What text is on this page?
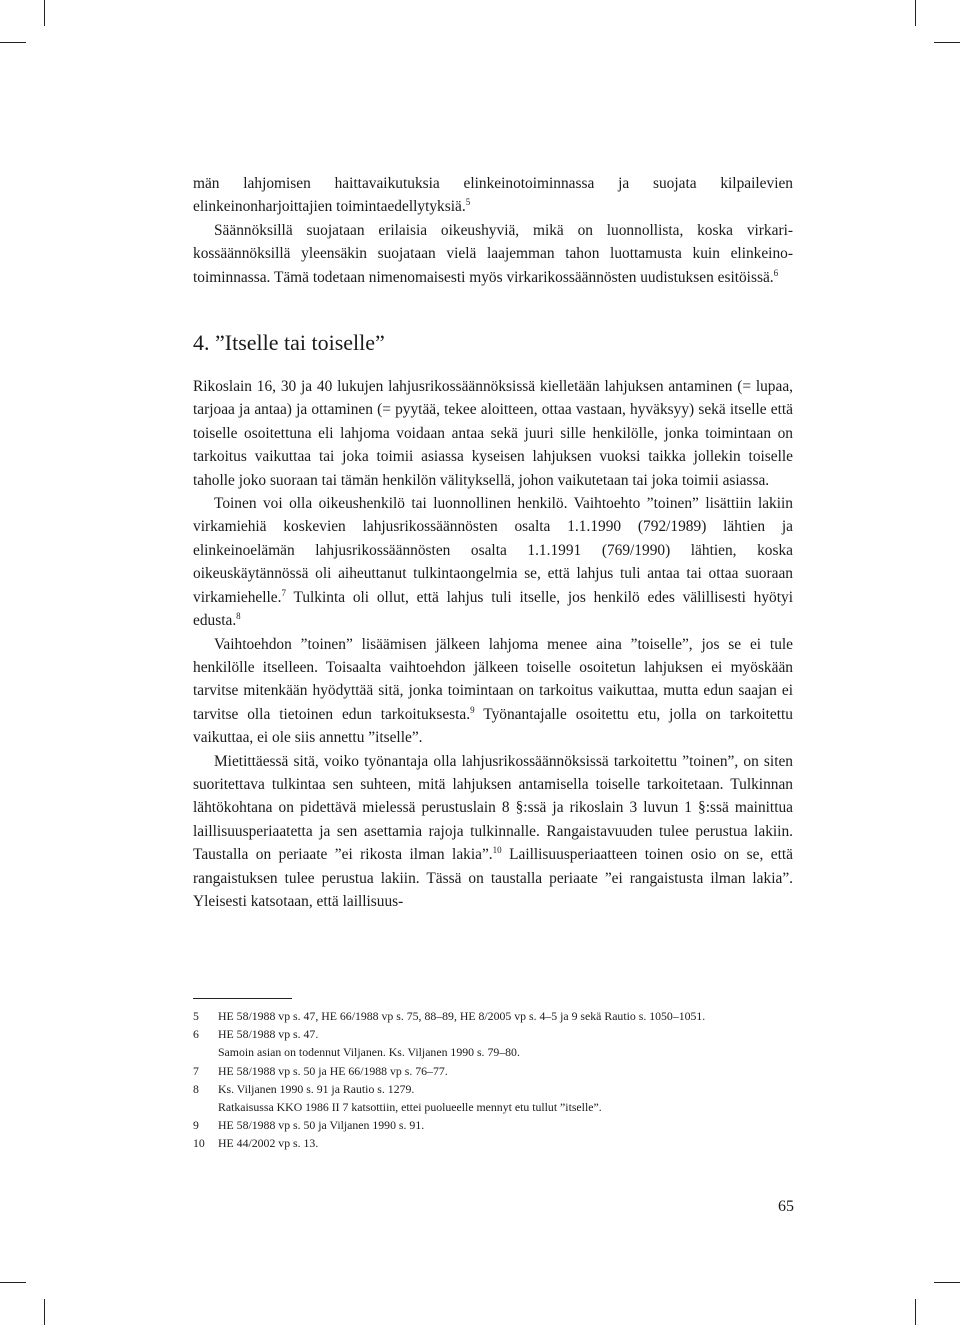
män lahjomisen haittavaikutuksia elinkeinotoiminnassa ja suojata kilpailevien elinkeinonharjoittajien toimintaedellytyksiä.$^5$

Säännöksillä suojataan erilaisia oikeushyviä, mikä on luonnollista, koska virkarikossäännöksillä yleensäkin suojataan vielä laajemman tahon luottamusta kuin elinkeinotoiminnassa. Tämä todetaan nimenomaisesti myös virkarikossäännösten uudistuksen esitöissä.$^6$

4. ”Itselle tai toiselle”

Rikoslain 16, 30 ja 40 lukujen lahjusrikossäännöksissä kielletään lahjuksen antaminen (= lupaa, tarjoaa ja antaa) ja ottaminen (= pyytää, tekee aloitteen, ottaa vastaan, hyväksyy) sekä itselle että toiselle osoitettuna eli lahjoma voidaan antaa sekä juuri sille henkilölle, jonka toimintaan on tarkoitus vaikuttaa tai joka toimii asiassa kyseisen lahjuksen vuoksi taikka jollekin toiselle taholle joko suoraan tai tämän henkilön välityksellä, johon vaikutetaan tai joka toimii asiassa.

Toinen voi olla oikeushenkilö tai luonnollinen henkilö. Vaihtoehto ”toinen” lisättiin lakiin virkamiehiä koskevien lahjusrikossäännösten osalta 1.1.1990 (792/1989) lähtien ja elinkeinoelämän lahjusrikossäännösten osalta 1.1.1991 (769/1990) lähtien, koska oikeuskäytännössä oli aiheuttanut tulkintaongelmia se, että lahjus tuli antaa tai ottaa suoraan virkamiehelle.$^7$ Tulkinta oli ollut, että lahjus tuli itselle, jos henkilö edes välillisesti hyötyi edusta.$^8$

Vaihtoehdon ”toinen” lisäämisen jälkeen lahjoma menee aina ”toiselle”, jos se ei tule henkilölle itselleen. Toisaalta vaihtoehdon jälkeen toiselle osoitetun lahjuksen ei myöskään tarvitse mitenkään hyödyttää sitä, jonka toimintaan on tarkoitus vaikuttaa, mutta edun saajan ei tarvitse olla tietoinen edun tarkoituksesta.$^9$ Työnantajalle osoitettu etu, jolla on tarkoitettu vaikuttaa, ei ole siis annettu ”itselle”.

Mietittäessä sitä, voiko työnantaja olla lahjusrikossäännöksissä tarkoitettu ”toinen”, on siten suoritettava tulkintaa sen suhteen, mitä lahjuksen antamisella toiselle tarkoitetaan. Tulkinnan lähtökohtana on pidettävä mielessä perustuslain 8 §:ssä ja rikoslain 3 luvun 1 §:ssä mainittua laillisuusperiaatetta ja sen asettamia rajoja tulkinnalle. Rangaistavuuden tulee perustua lakiin. Taustalla on periaate ”ei rikosta ilman lakia”.$^{10}$ Laillisuusperiaatteen toinen osio on se, että rangaistuksen tulee perustua lakiin. Tässä on taustalla periaate ”ei rangaistusta ilman lakia”. Yleisesti katsotaan, että laillisuus-

5	HE 58/1988 vp s. 47, HE 66/1988 vp s. 75, 88–89, HE 8/2005 vp s. 4–5 ja 9 sekä Rautio s. 1050–1051.
6	HE 58/1988 vp s. 47.
Samoin asian on todennut Viljanen. Ks. Viljanen 1990 s. 79–80.
7	HE 58/1988 vp s. 50 ja HE 66/1988 vp s. 76–77.
8	Ks. Viljanen 1990 s. 91 ja Rautio s. 1279.
Ratkaisussa KKO 1986 II 7 katsottiin, ettei puolueelle mennyt etu tullut ”itselle”.
9	HE 58/1988 vp s. 50 ja Viljanen 1990 s. 91.
10	HE 44/2002 vp s. 13.
65
